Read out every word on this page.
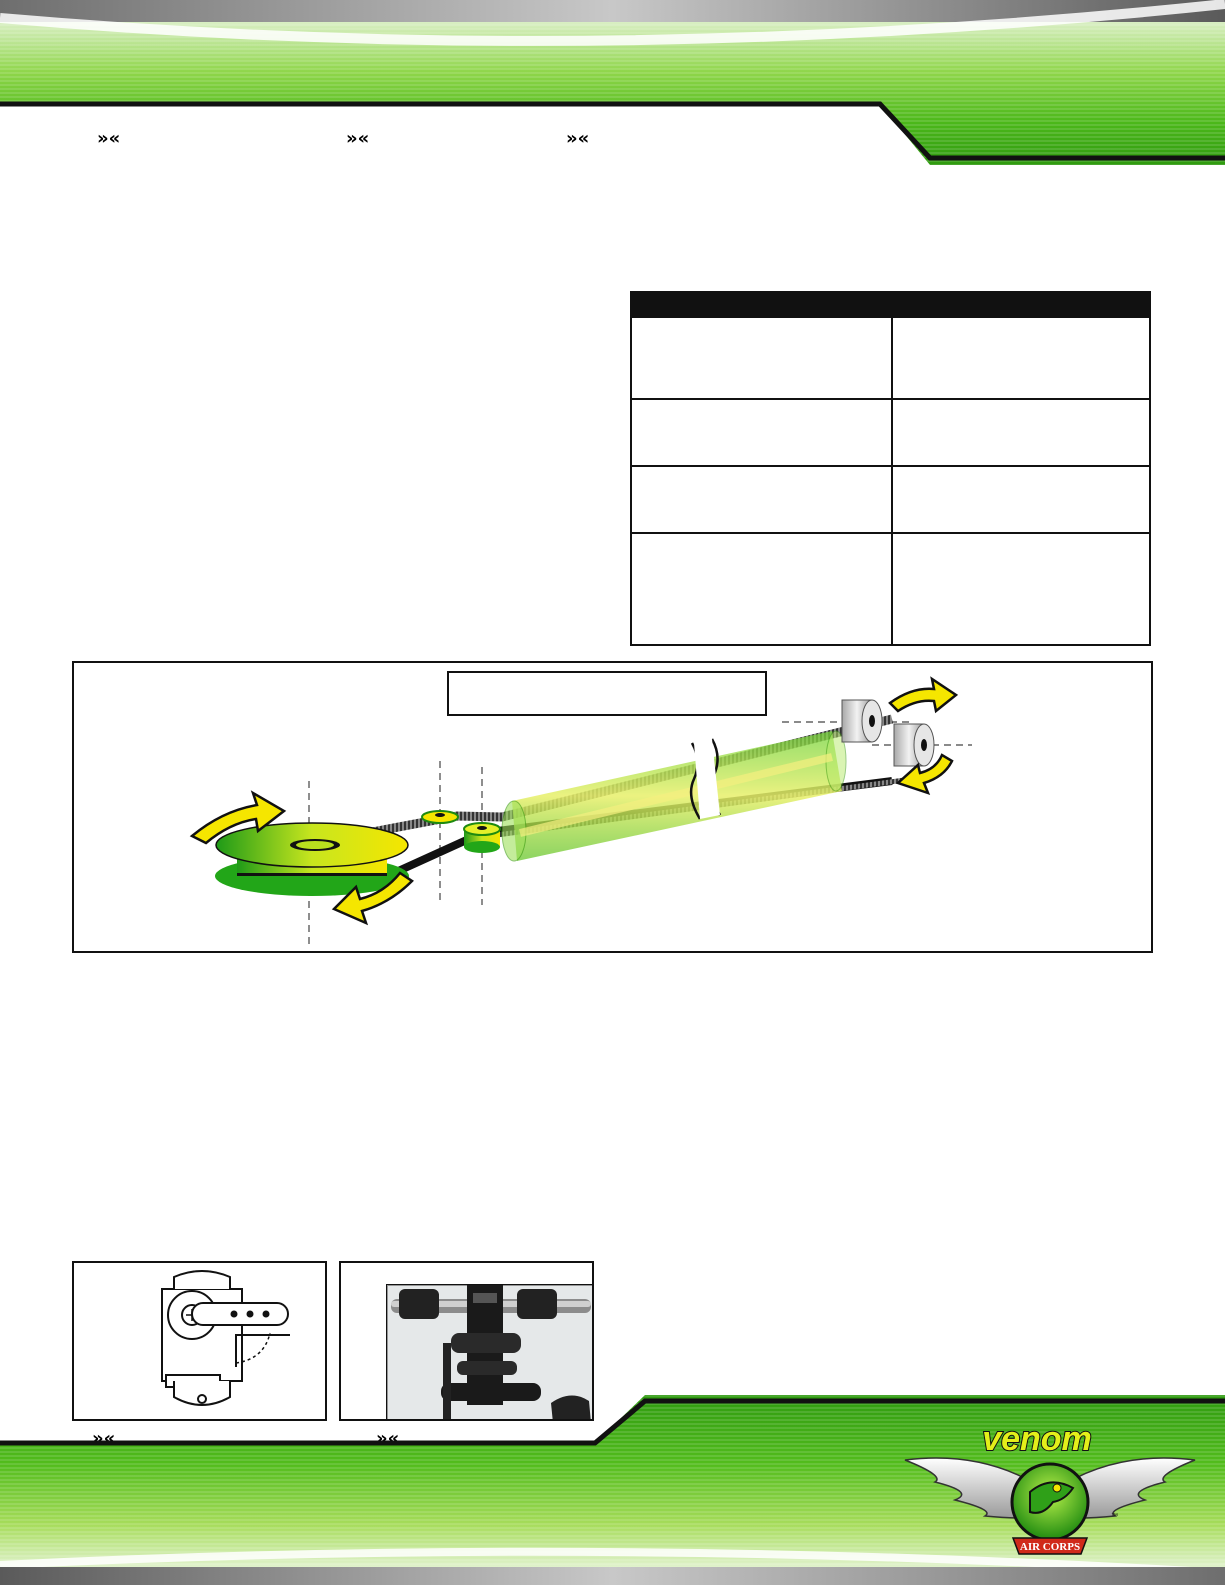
»«	»«	»«
»«	»«
AIR CORPS
venom
™
